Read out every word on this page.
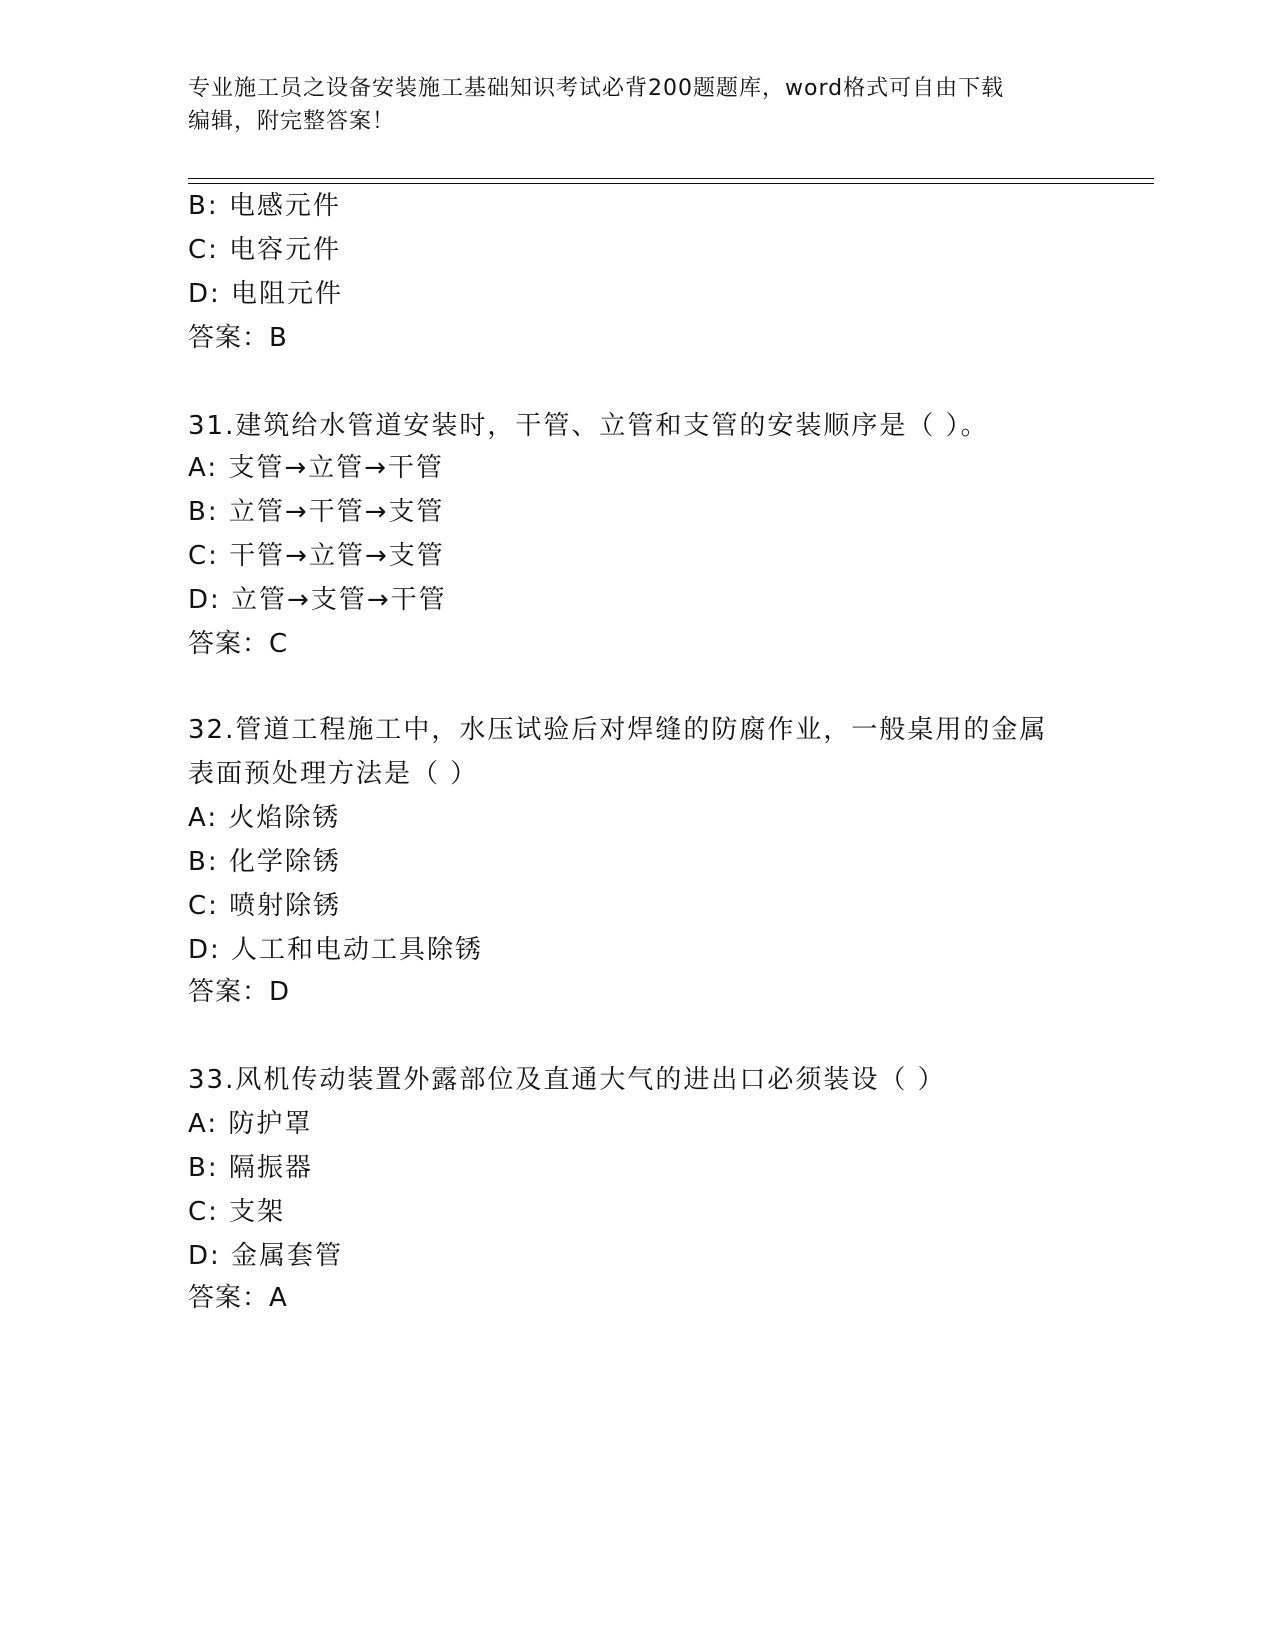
专业施工员之设备安装施工基础知识考试必背200题题库，word格式可自由下载
编辑，附完整答案！
B: 电感元件
C: 电容元件
D: 电阻元件
答案：B
31.建筑给水管道安装时，干管、立管和支管的安装顺序是（ ）。
A: 支管→立管→干管
B: 立管→干管→支管
C: 干管→立管→支管
D: 立管→支管→干管
答案：C
32.管道工程施工中，水压试验后对焊缝的防腐作业，一般桌用的金属
表面预处理方法是（ ）
A: 火焰除锈
B: 化学除锈
C: 喷射除锈
D: 人工和电动工具除锈
答案：D
33.风机传动装置外露部位及直通大气的进出口必须装设（ ）
A: 防护罩
B: 隔振器
C: 支架
D: 金属套管
答案：A
